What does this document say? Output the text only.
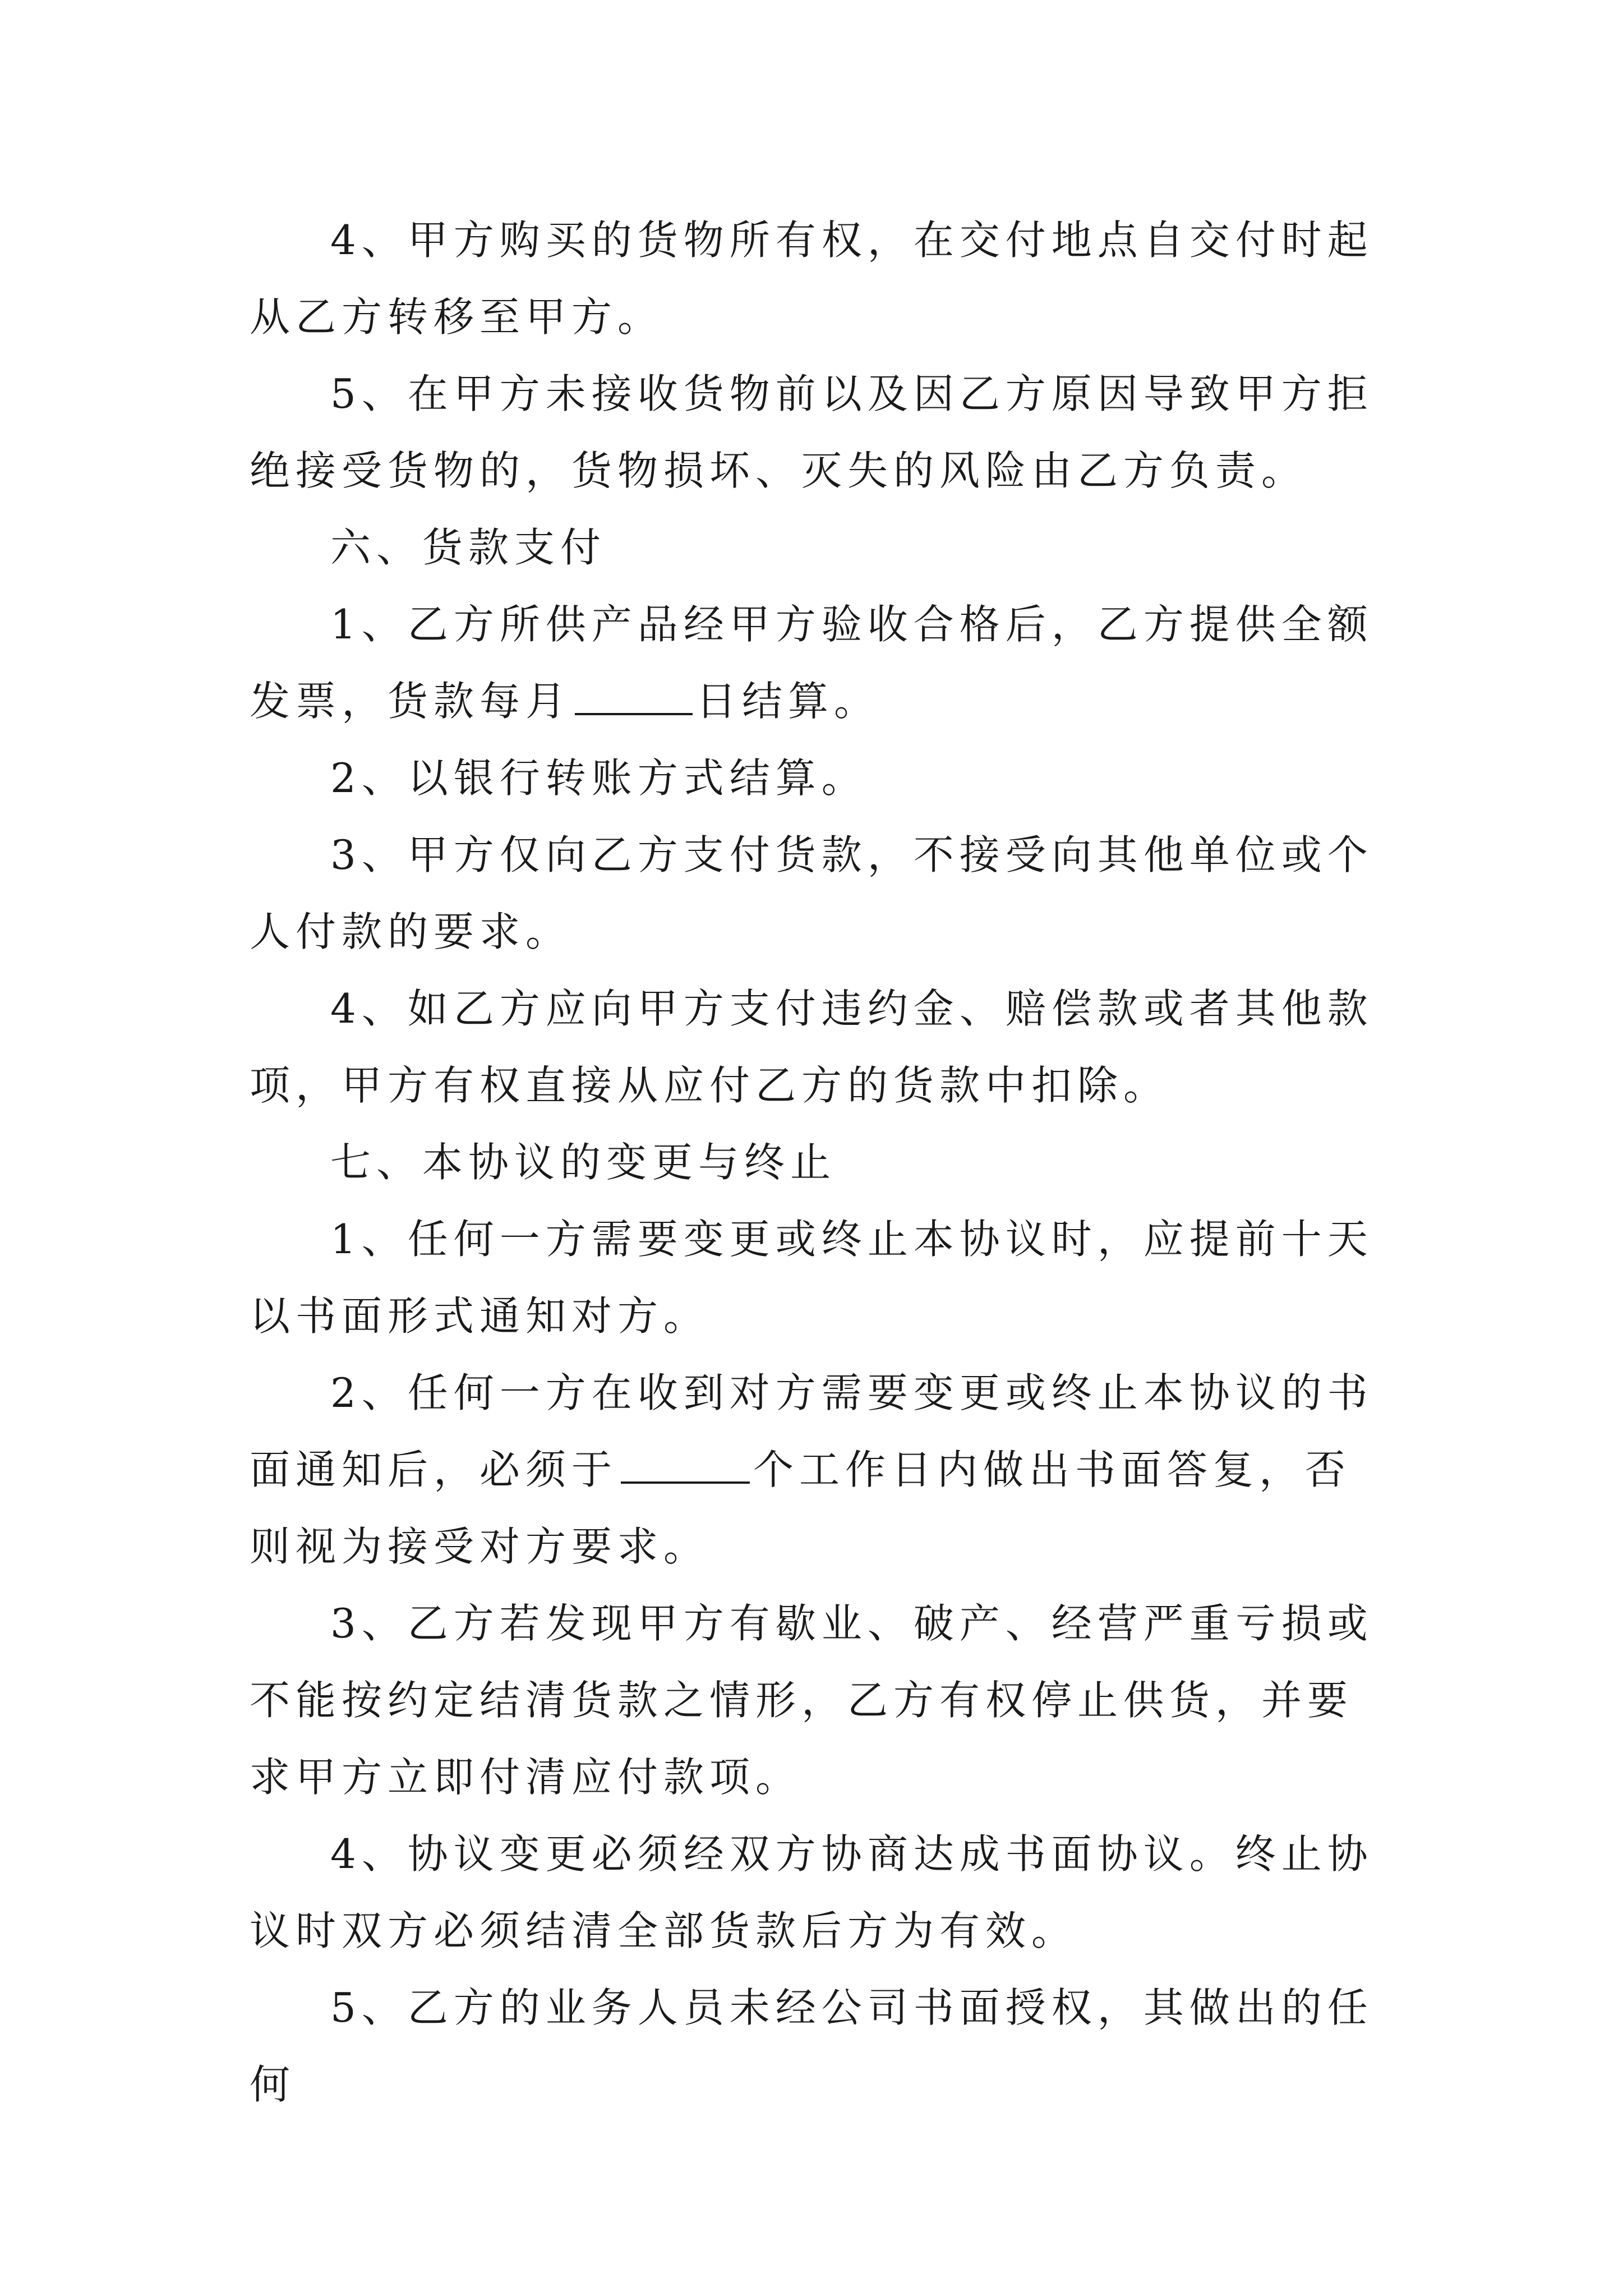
4、甲方购买的货物所有权，在交付地点自交付时起从乙方转移至甲方。

5、在甲方未接收货物前以及因乙方原因导致甲方拒绝接受货物的，货物损坏、灭失的风险由乙方负责。

六、货款支付

1、乙方所供产品经甲方验收合格后，乙方提供全额发票，货款每月	日结算。

2、以银行转账方式结算。

3、甲方仅向乙方支付货款，不接受向其他单位或个人付款的要求。

4、如乙方应向甲方支付违约金、赔偿款或者其他款项，甲方有权直接从应付乙方的货款中扣除。

七、本协议的变更与终止

1、任何一方需要变更或终止本协议时，应提前十天以书面形式通知对方。

2、任何一方在收到对方需要变更或终止本协议的书面通知后，必须于	个工作日内做出书面答复，否则视为接受对方要求。

3、乙方若发现甲方有歇业、破产、经营严重亏损或不能按约定结清货款之情形，乙方有权停止供货，并要求甲方立即付清应付款项。

4、协议变更必须经双方协商达成书面协议。终止协议时双方必须结清全部货款后方为有效。

5、乙方的业务人员未经公司书面授权，其做出的任何
